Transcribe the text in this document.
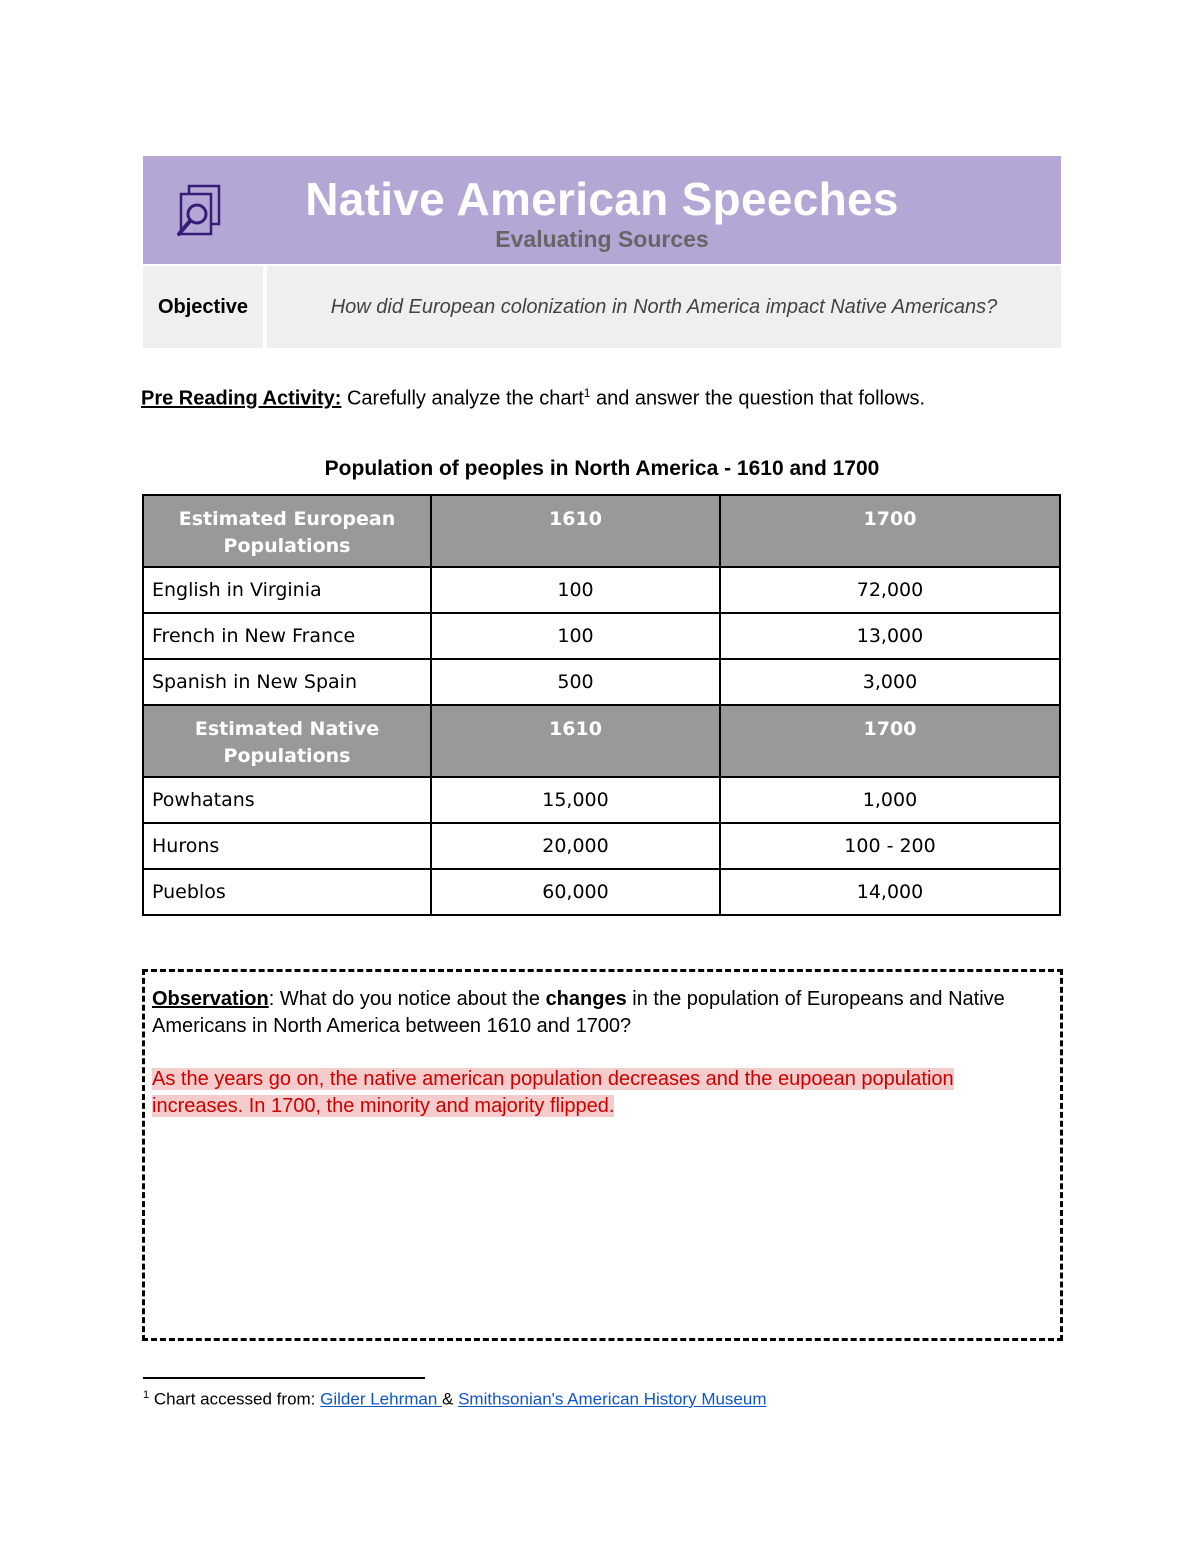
Native American Speeches
Evaluating Sources
Objective	How did European colonization in North America impact Native Americans?
Pre Reading Activity: Carefully analyze the chart$^1$ and answer the question that follows.
Population of peoples in North America - 1610 and 1700
Estimated European Populations	1610	1700
English in Virginia	100	72,000
French in New France	100	13,000
Spanish in New Spain	500	3,000
Estimated Native Populations	1610	1700
Powhatans	15,000	1,000
Hurons	20,000	100 - 200
Pueblos	60,000	14,000
Observation: What do you notice about the changes in the population of Europeans and Native Americans in North America between 1610 and 1700?
As the years go on, the native american population decreases and the eupoean population increases. In 1700, the minority and majority flipped.
$^1$ Chart accessed from: Gilder Lehrman & Smithsonian's American History Museum
